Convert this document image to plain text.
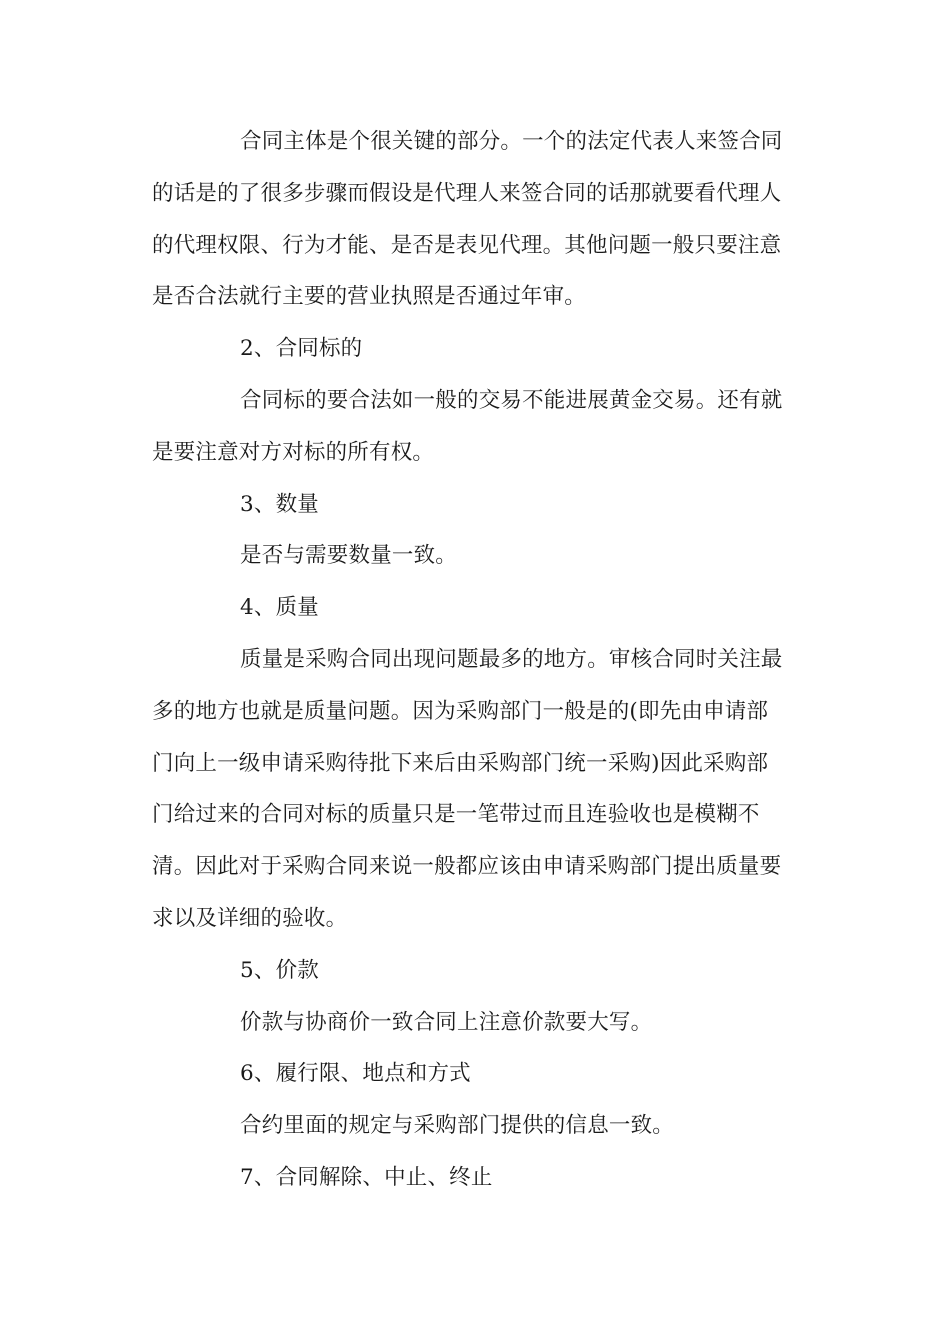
合同主体是个很关键的部分。一个的法定代表人来签合同
的话是的了很多步骤而假设是代理人来签合同的话那就要看代理人
的代理权限、行为才能、是否是表见代理。其他问题一般只要注意
是否合法就行主要的营业执照是否通过年审。

2、合同标的

合同标的要合法如一般的交易不能进展黄金交易。还有就
是要注意对方对标的所有权。

3、数量

是否与需要数量一致。

4、质量

质量是采购合同出现问题最多的地方。审核合同时关注最
多的地方也就是质量问题。因为采购部门一般是的(即先由申请部
门向上一级申请采购待批下来后由采购部门统一采购)因此采购部
门给过来的合同对标的质量只是一笔带过而且连验收也是模糊不
清。因此对于采购合同来说一般都应该由申请采购部门提出质量要
求以及详细的验收。

5、价款

价款与协商价一致合同上注意价款要大写。

6、履行限、地点和方式

合约里面的规定与采购部门提供的信息一致。

7、合同解除、中止、终止
